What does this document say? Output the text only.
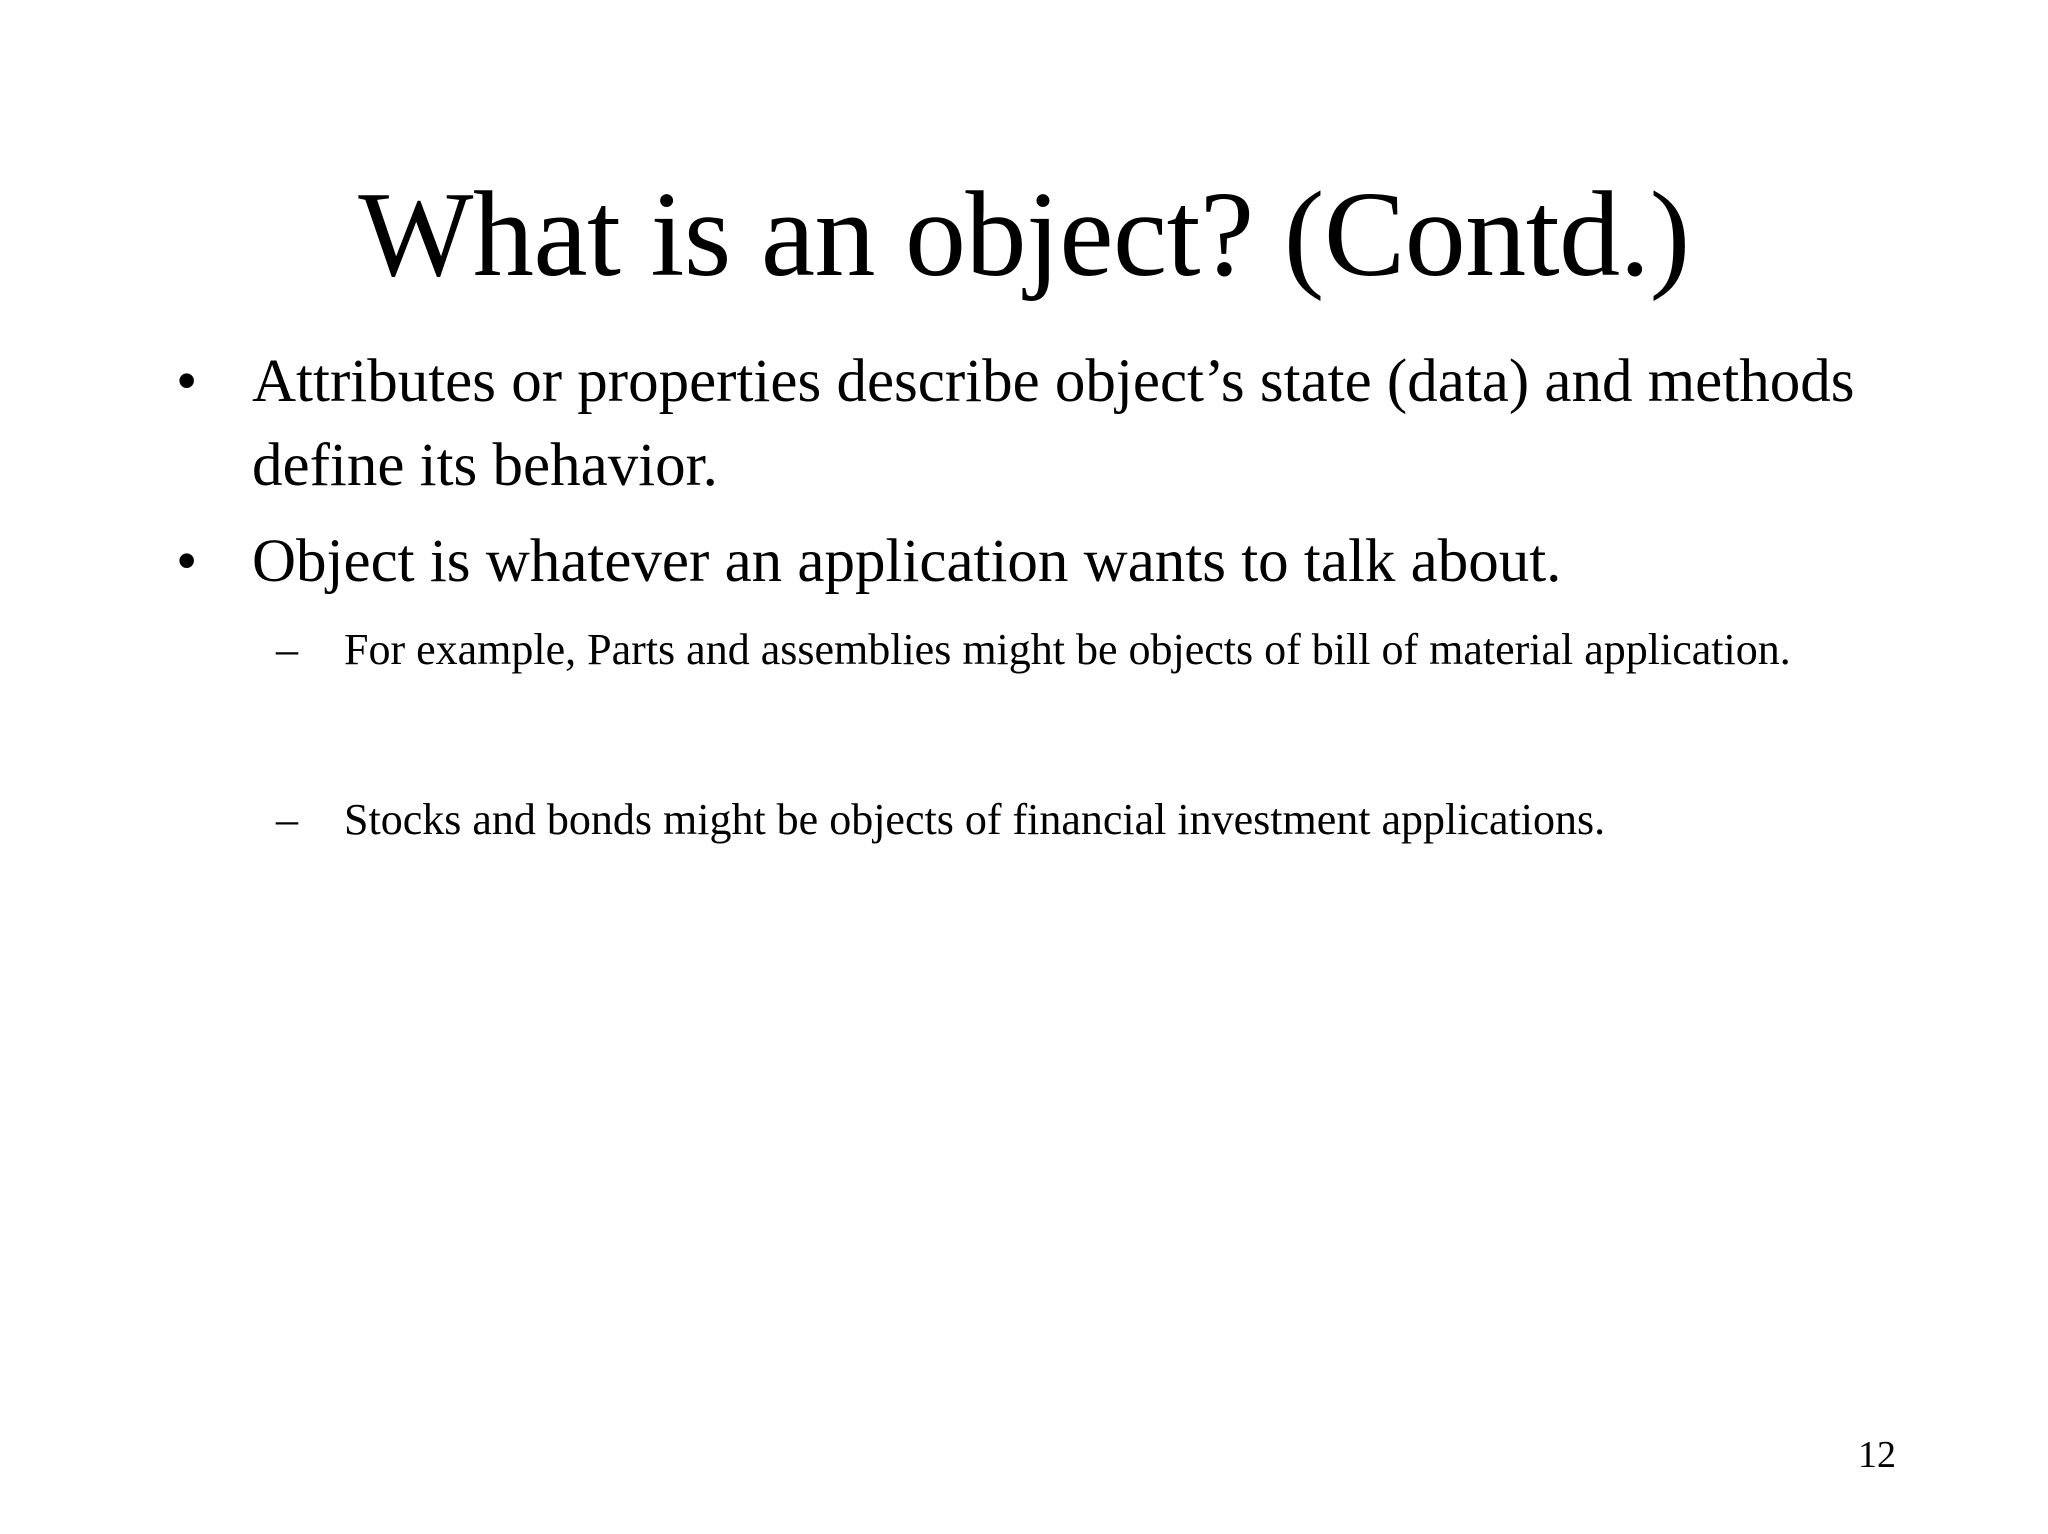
What is an object? (Contd.)
• Attributes or properties describe object’s state (data) and methods define its behavior.
• Object is whatever an application wants to talk about.
–	For example, Parts and assemblies might be objects of bill of material application.
–	Stocks and bonds might be objects of financial investment applications.
12
